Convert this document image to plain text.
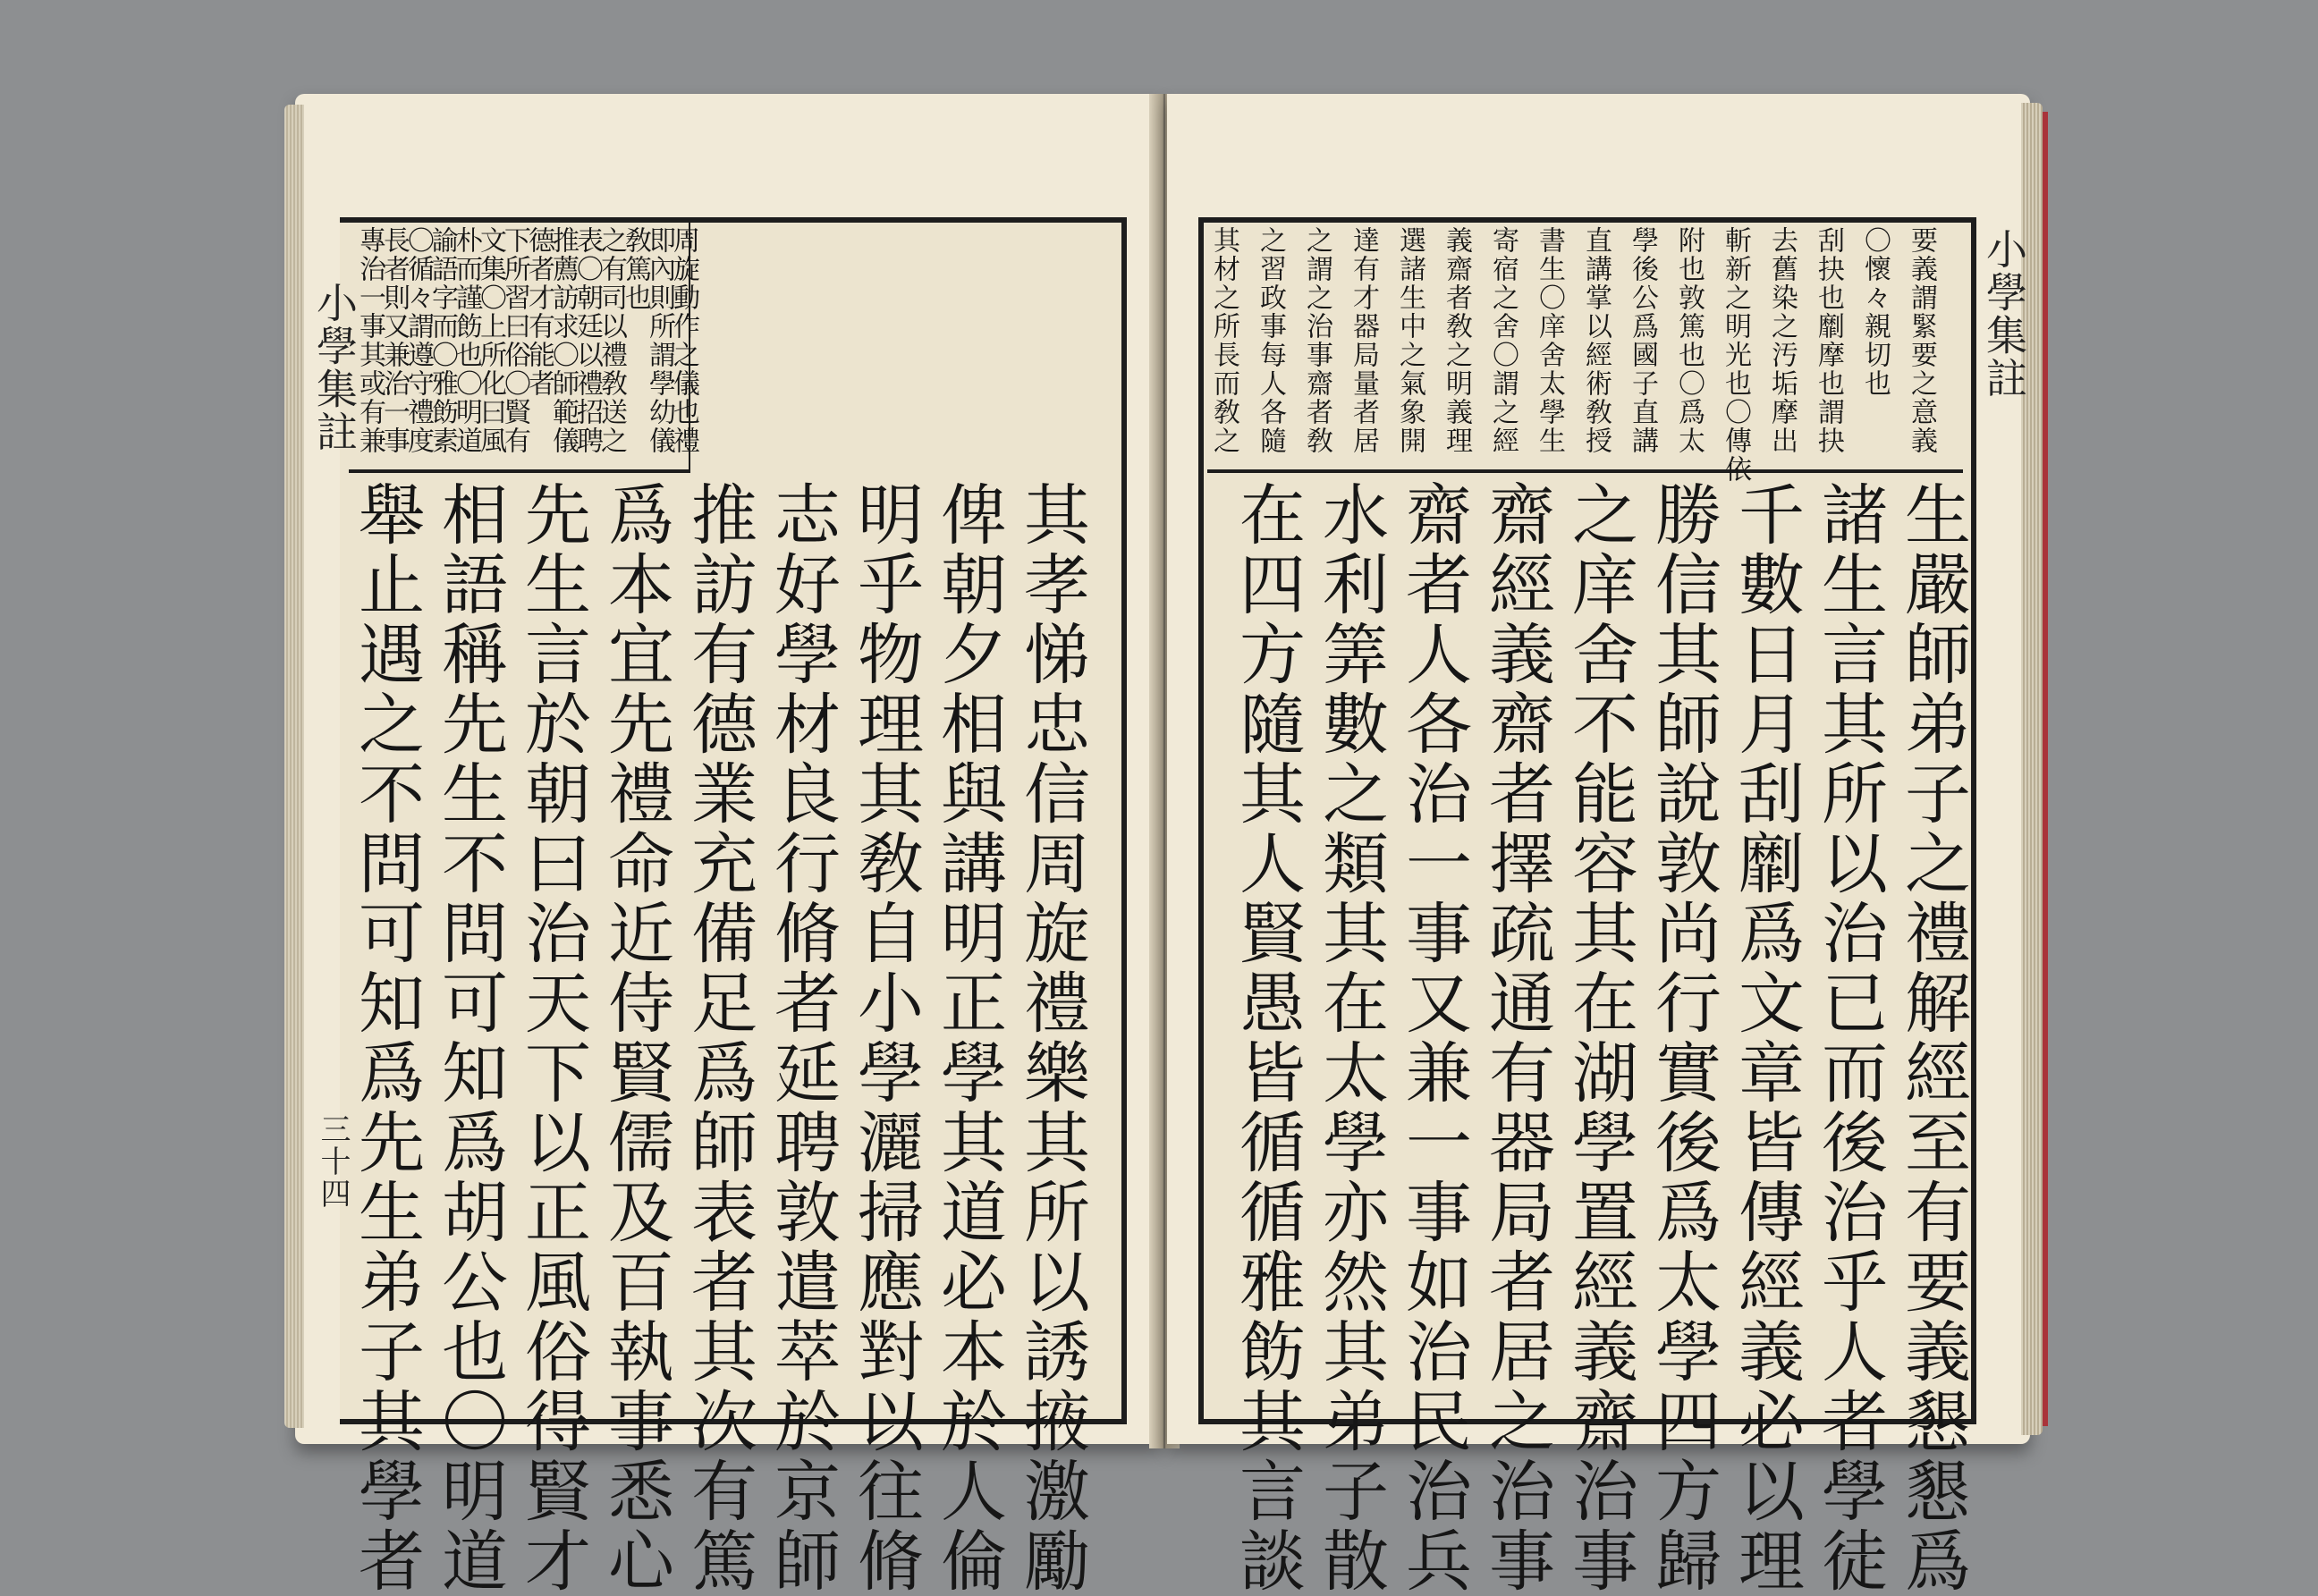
小學集註
三十四
周旋動作之儀也禮
即內則所謂學幼儀
敎篤也
之有司以禮敎送之
表〇朝廷以禮招聘
推薦訪求〇師範儀
德者才有能者
下所習曰俗〇賢有
文集〇上所化曰風
朴而謹飭也〇明道
諭語字而〇雅飭素
〇循々謂遵守禮度
長者則又兼治一事
專治一事其或有兼
其孝悌忠信周旋禮樂其所以誘掖激勵
俾朝夕相與講明正學其道必本於人倫
明乎物理其敎自小學灑掃應對以往脩
志好學材良行脩者延聘敦遣萃於京師
推訪有德業充備足爲師表者其次有篤
爲本宜先禮命近侍賢儒及百執事悉心
先生言於朝曰治天下以正風俗得賢才
相語稱先生不問可知爲胡公也〇明道
舉止遇之不問可知爲先生弟子其學者
小學集註
要義謂緊要之意義
〇懷々親切也
刮抉也劘摩也謂抉
去舊染之汚垢摩出
斬新之明光也〇傳依
附也敦篤也〇爲太
學後公爲國子直講
直講掌以經術敎授
書生〇庠舍太學生
寄宿之舍〇謂之經
義齋者敎之明義理
選諸生中之氣象開
達有才器局量者居
之謂之治事齋者敎
之習政事每人各隨
其材之所長而敎之
生嚴師弟子之禮解經至有要義懇懇爲
諸生言其所以治已而後治乎人者學徒
千數日月刮劘爲文章皆傳經義必以理
勝信其師說敦尚行實後爲太學四方歸
之庠舍不能容其在湖學置經義齋治事
齋經義齋者擇疏通有器局者居之治事
齋者人各治一事又兼一事如治民治兵
水利筭數之類其在太學亦然其弟子散
在四方隨其人賢愚皆循循雅飭其言談
